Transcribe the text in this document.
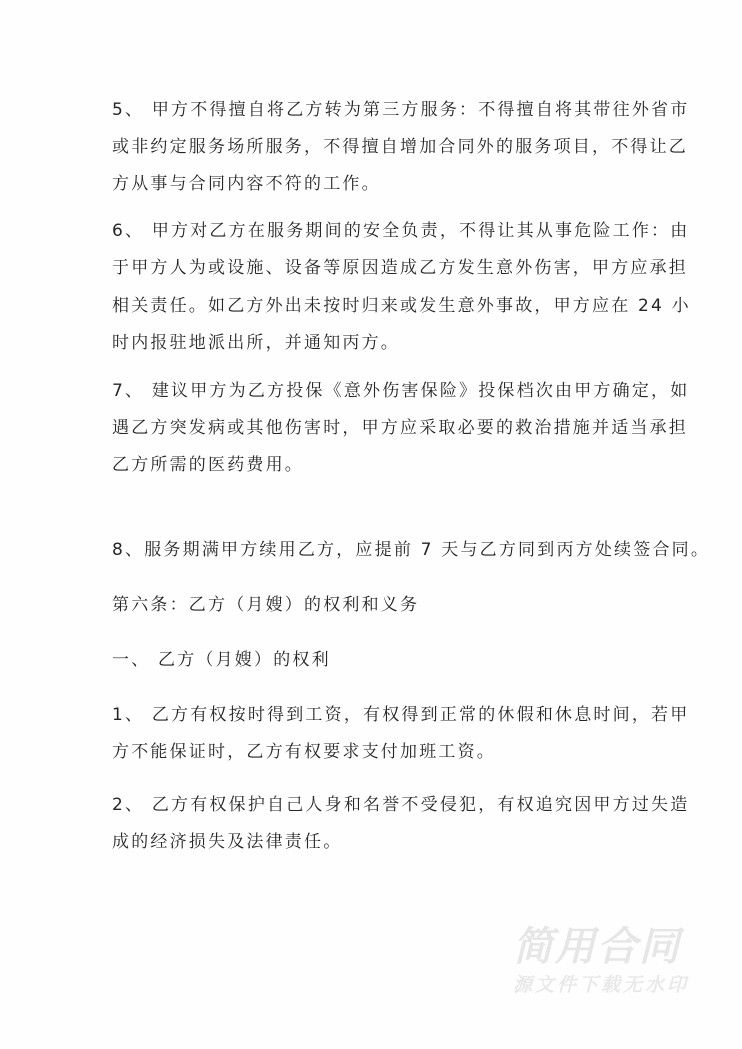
5、 甲方不得擅自将乙方转为第三方服务：不得擅自将其带往外省市
或非约定服务场所服务，不得擅自增加合同外的服务项目，不得让乙
方从事与合同内容不符的工作。
6、 甲方对乙方在服务期间的安全负责，不得让其从事危险工作：由
于甲方人为或设施、设备等原因造成乙方发生意外伤害，甲方应承担
相关责任。如乙方外出未按时归来或发生意外事故，甲方应在 24 小
时内报驻地派出所，并通知丙方。
7、 建议甲方为乙方投保《意外伤害保险》投保档次由甲方确定，如
遇乙方突发病或其他伤害时，甲方应采取必要的救治措施并适当承担
乙方所需的医药费用。
8、服务期满甲方续用乙方，应提前 7 天与乙方同到丙方处续签合同。
第六条：乙方（月嫂）的权利和义务
一、 乙方（月嫂）的权利
1、 乙方有权按时得到工资，有权得到正常的休假和休息时间，若甲
方不能保证时，乙方有权要求支付加班工资。
2、 乙方有权保护自己人身和名誉不受侵犯，有权追究因甲方过失造
成的经济损失及法律责任。
简用合同
源文件下载无水印
